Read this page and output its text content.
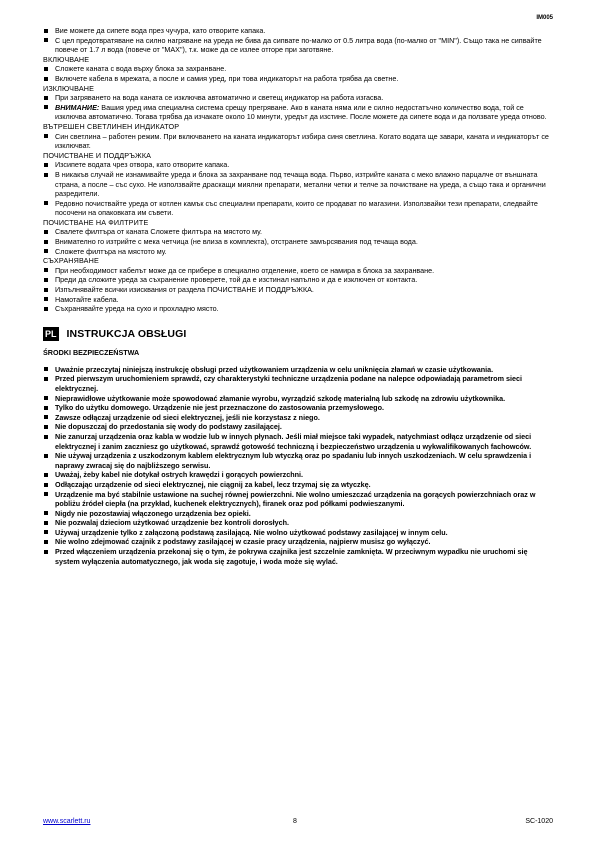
IM005
Вие можете да сипете вода през чучура, като отворите капака.
С цел предотвратяване на силно нагряване на уреда не бива да сипвате по-малко от 0.5 литра вода (по-малко от "MIN"). Също така не сипвайте повече от 1.7 л вода (повече от "MAX"), т.к. може да се излее отгоре при заготвяне.

ВКЛЮЧВАНЕ

Сложете каната с вода върху блока за захранване.
Включете кабела в мрежата, а после и самия уред, при това индикаторът на работа трябва да светне.

ИЗКЛЮЧВАНЕ

При загряването на вода каната се изключва автоматично и светещ индикатор на работа изгасва.
ВНИМАНИЕ: Вашия уред има специална система срещу прегряване. Ако в каната няма или е силно недостатъчно количество вода, той се изключва автоматично. Тогава трябва да изчакате около 10 минути, уредът да изстине. После можете да сипете вода и да ползвате уреда отново.

ВЪТРЕШЕН СВЕТЛИНЕН ИНДИКАТОР

Син светлина – работен режим. При включването на каната индикаторът избира синя светлина. Когато водата щe завари, каната и индикаторът се изключват.

ПОЧИСТВАНЕ И ПОДДРЪЖКА

Изсипете водата чрез отвора, като отворите капака.
В никакъв случай не изнамивайте уреда и блока за захранване под течаща вода. Първо, изтрийте каната с меко влажно парцалче от външната страна, а после – със сухо. Не използвайте драскащи миялни препарати, метални четки и телче за почистване на уреда, а също така и органични разредители.
Редовно почиствайте уреда от котлен камък със специални препарати, които се продават по магазини. Използвайки тези препарати, следвайте посочени на опаковката им съвети.

ПОЧИСТВАНЕ НА ФИЛТРИТЕ

Свалете филтъра от каната Сложете филтъра на мястото му.
Внимателно го изтрийте с мека четчица (не влиза в комплекта), отстранете замърсявания под течаща вода.
Сложете филтъра на мястото му.

СЪХРАНЯВАНЕ

При необходимост кабелът може да се прибере в специално отделение, което се намира в блока за захранване.
Преди да сложите уреда за съхранение проверете, той да е изстинал напълно и да е изключен от контакта.
Изпълнявайте всички изисквания от раздела ПОЧИСТВАНЕ И ПОДДРЪЖКА.
Намотайте кабела.
Съхранявайте уреда на сухо и прохладно място.
PL INSTRUKCJA OBSŁUGI

ŚRODKI BEZPIECZEŃSTWA

Uważnie przeczytaj niniejszą instrukcję obsługi przed użytkowaniem urządzenia w celu uniknięcia złamań w czasie użytkowania.
Przed pierwszym uruchomieniem sprawdź, czy charakterystyki techniczne urządzenia podane na nalepce odpowiadają parametrom sieci elektrycznej.
Nieprawidłowe użytkowanie może spowodować złamanie wyrobu, wyrządzić szkodę materialną lub szkodę na zdrowiu użytkownika.
Tylko do użytku domowego. Urządzenie nie jest przeznaczone do zastosowania przemysłowego.
Zawsze odłączaj urządzenie od sieci elektrycznej, jeśli nie korzystasz z niego.
Nie dopuszczaj do przedostania się wody do podstawy zasilającej.
Nie zanurzaj urządzenia oraz kabla w wodzie lub w innych płynach. Jeśli miał miejsce taki wypadek, natychmiast odłącz urządzenie od sieci elektrycznej i zanim zaczniesz go użytkować, sprawdź gotowość techniczną i bezpieczeństwo urządzenia u wykwalifikowanych fachowców.
Nie używaj urządzenia z uszkodzonym kablem elektrycznym lub wtyczką oraz po spadaniu lub innych uszkodzeniach. W celu sprawdzenia i naprawy zwracaj się do najbliższego serwisu.
Uważaj, żeby kabel nie dotykał ostrych krawędzi i gorących powierzchni.
Odłączając urządzenie od sieci elektrycznej, nie ciągnij za kabel, lecz trzymaj się za wtyczkę.
Urządzenie ma być stabilnie ustawione na suchej równej powierzchni. Nie wolno umieszczać urządzenia na gorących powierzchniach oraz w pobliżu źródeł ciepła (na przykład, kuchenek elektrycznych), firanek oraz pod półkami podwieszanymi.
Nigdy nie pozostawiaj włączonego urządzenia bez opieki.
Nie pozwalaj dzieciom użytkować urządzenie bez kontroli dorosłych.
Używaj urządzenie tylko z załączoną podstawą zasilającą. Nie wolno użytkować podstawy zasilającej w innym celu.
Nie wolno zdejmować czajnik z podstawy zasilającej w czasie pracy urządzenia, najpierw musisz go wyłączyć.
Przed włączeniem urządzenia przekonaj się o tym, że pokrywa czajnika jest szczelnie zamknięta. W przeciwnym wypadku nie uruchomi się system wyłączenia automatycznego, jak woda się zagotuje, i woda może się wylać.
www.scarlett.ru	8	SC-1020
